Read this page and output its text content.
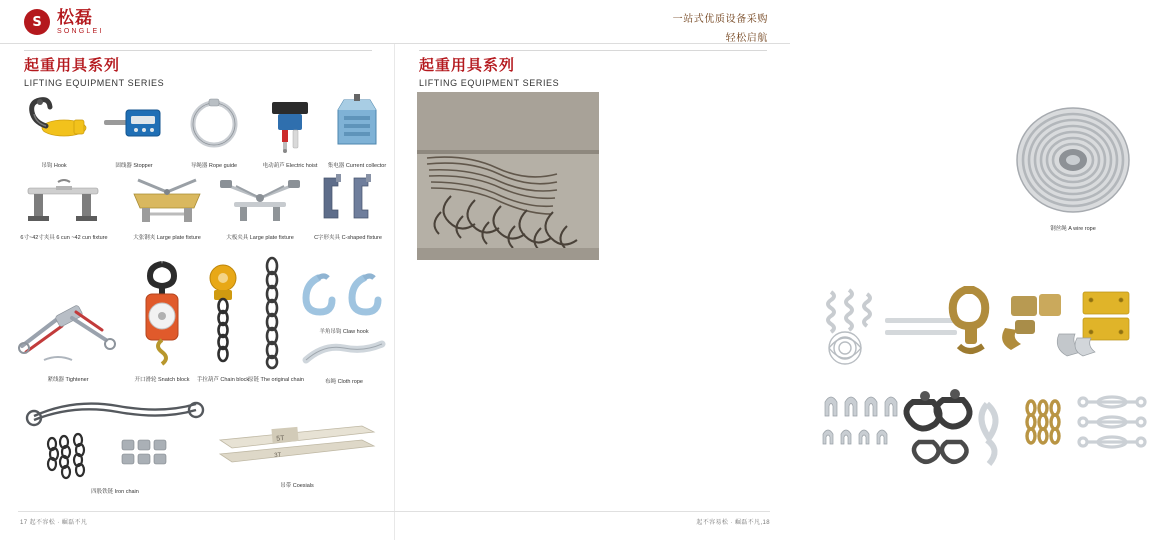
S 松磊
SONGLEI
一站式优质设备采购
轻松启航
起重用具系列
LIFTING EQUIPMENT SERIES
吊钩 Hook	固线器 Stopper	导绳器 Rope guide	电动葫芦 Electric hoist	集电器 Current collector
6寸~42寸夹具 6 cun ~42 cun fixture	大张钢夹 Large plate fixture	大板夹具 Large plate fixture	C字形夹具 C-shaped fixture
紧线器 Tightener	开口滑轮 Snatch block	手拉葫芦 Chain block
原链 The original chain
羊角吊钩 Claw hook
布绳 Cloth rope
四股铁链 Iron chain
5T
3T
吊带 Coesials
17 起不容松 · 崛磊不凡
起重用具系列
LIFTING EQUIPMENT SERIES
钢丝绳 A wire rope
起不容易松 · 崛磊不凡,18
